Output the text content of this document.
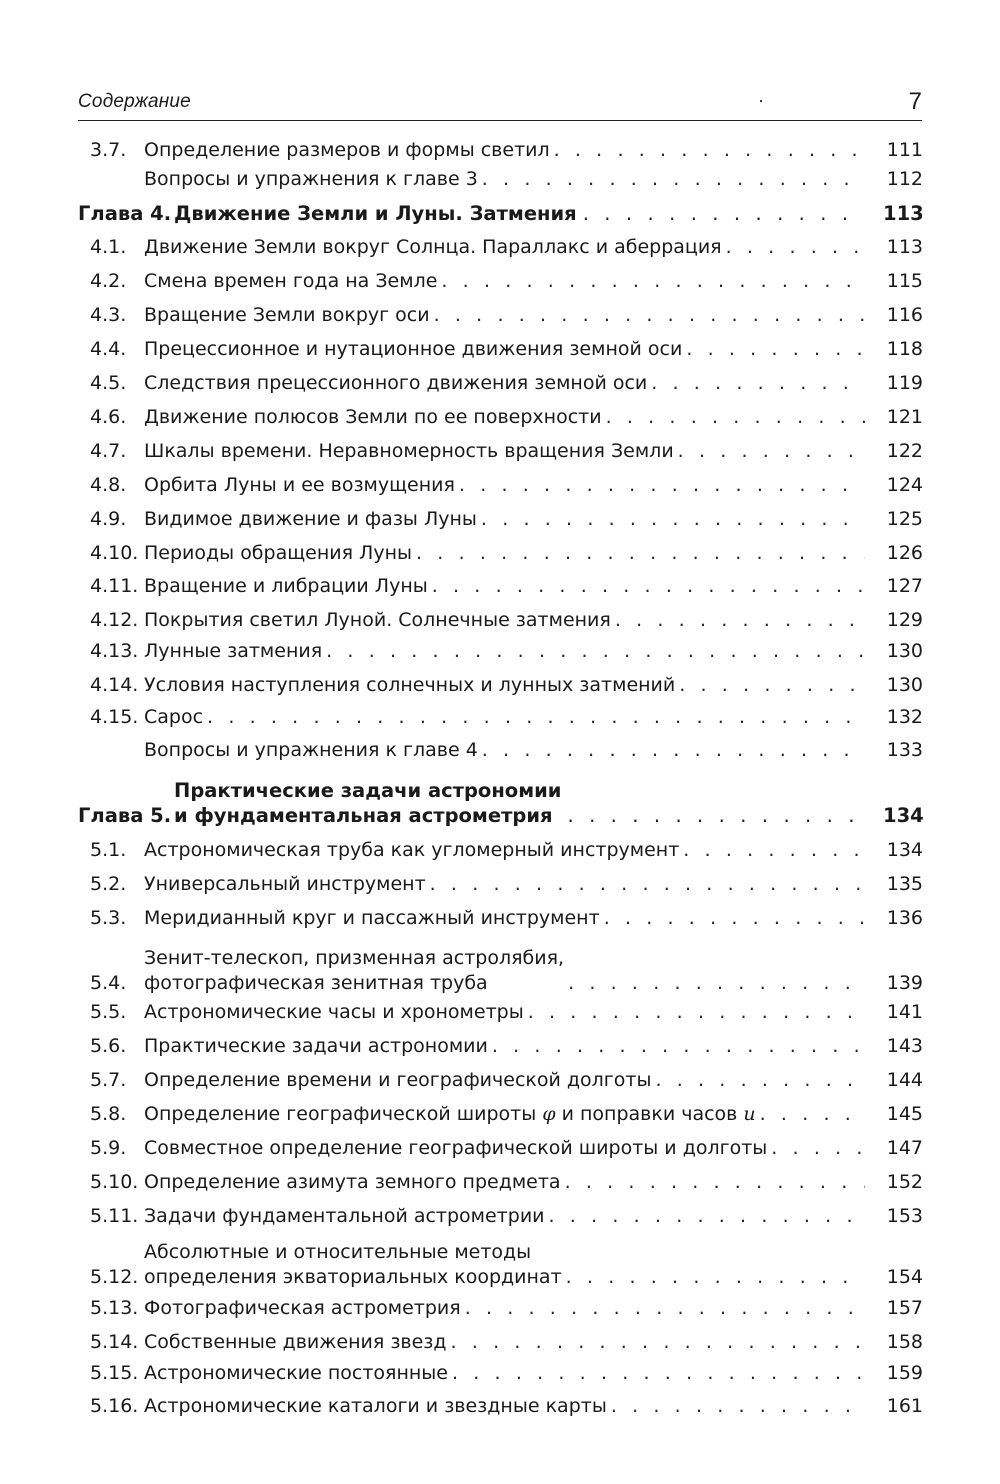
Содержание	·	7
3.7. Определение размеров и формы светил . . .	111
Вопросы и упражнения к главе 3 . . .	112
Глава 4. Движение Земли и Луны. Затмения . . .	113
4.1. Движение Земли вокруг Солнца. Параллакс и аберрация . . .	113
4.2. Смена времен года на Земле . . .	115
4.3. Вращение Земли вокруг оси . . .	116
4.4. Прецессионное и нутационное движения земной оси . . .	118
4.5. Следствия прецессионного движения земной оси . . .	119
4.6. Движение полюсов Земли по ее поверхности . . .	121
4.7. Шкалы времени. Неравномерность вращения Земли . . .	122
4.8. Орбита Луны и ее возмущения . . .	124
4.9. Видимое движение и фазы Луны . . .	125
4.10. Периоды обращения Луны . . .	126
4.11. Вращение и либрации Луны . . .	127
4.12. Покрытия светил Луной. Солнечные затмения . . .	129
4.13. Лунные затмения . . .	130
4.14. Условия наступления солнечных и лунных затмений . . .	130
4.15. Сарос . . .	132
Вопросы и упражнения к главе 4 . . .	133
Глава 5.
Практические задачи астрономии
и фундаментальная астрометрия . . .	134
5.1. Астрономическая труба как угломерный инструмент . . .	134
5.2. Универсальный инструмент . . .	135
5.3. Меридианный круг и пассажный инструмент . . .	136
5.4.
Зенит-телескоп, призменная астролябия,
фотографическая зенитная труба . . .	139
5.5. Астрономические часы и хронометры . . .	141
5.6. Практические задачи астрономии . . .	143
5.7. Определение времени и географической долготы . . .	144
5.8. Определение географической широты φ и поправки часов u . . .	145
5.9. Совместное определение географической широты и долготы . . .	147
5.10. Определение азимута земного предмета . . .	152
5.11. Задачи фундаментальной астрометрии . . .	153
5.12.
Абсолютные и относительные методы
определения экваториальных координат . . .	154
5.13. Фотографическая астрометрия . . .	157
5.14. Собственные движения звезд . . .	158
5.15. Астрономические постоянные . . .	159
5.16. Астрономические каталоги и звездные карты . . .	161
